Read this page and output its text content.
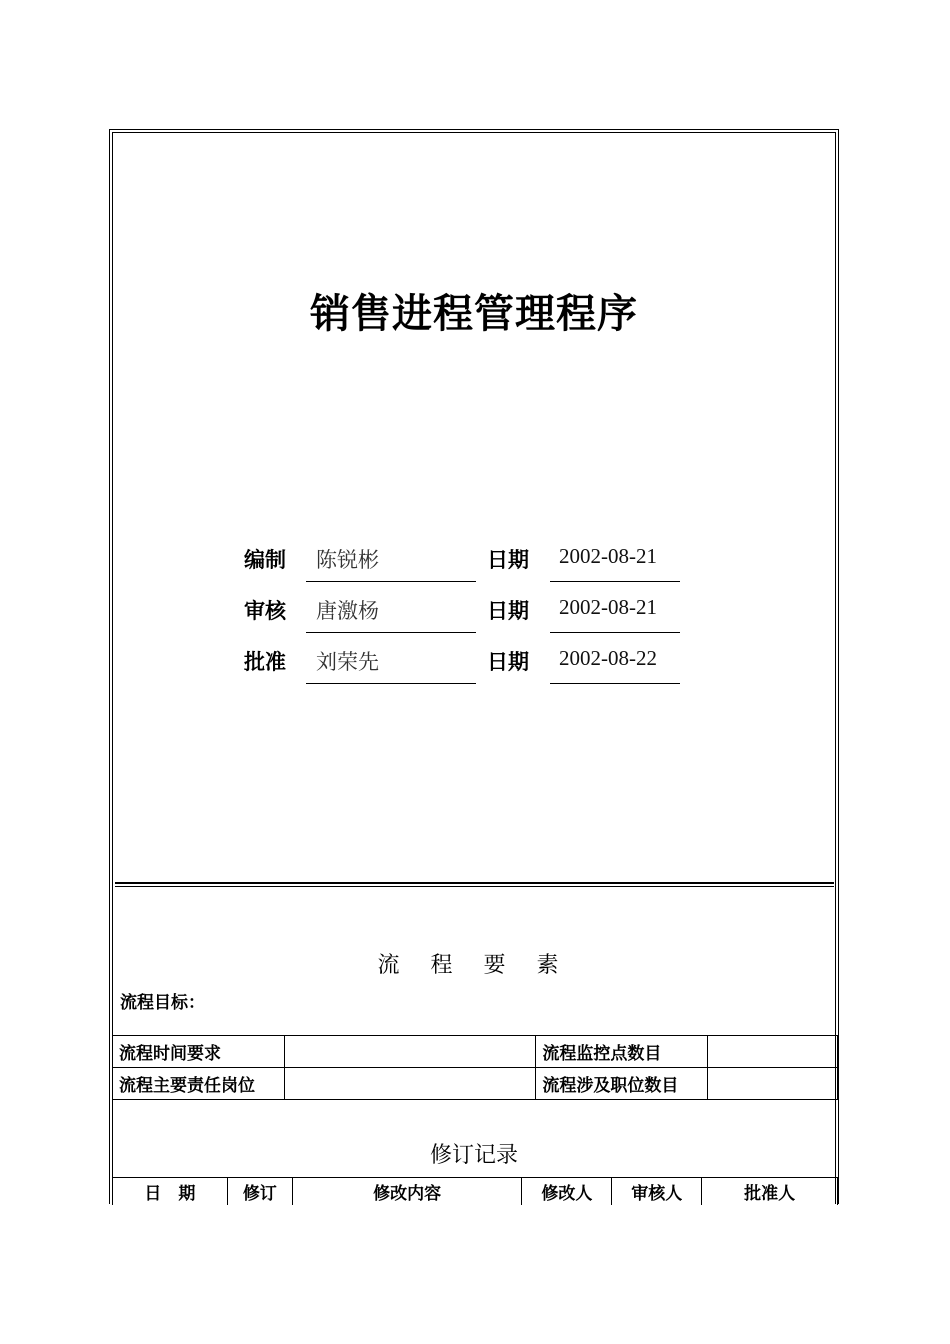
销售进程管理程序
编制 陈锐彬	日期 2002-08-21
审核 唐激杨	日期 2002-08-21
批准 刘荣先	日期 2002-08-22
流 程 要 素
流程目标：
流程时间要求		流程监控点数目	
流程主要责任岗位		流程涉及职位数目	
修订记录
日　期	修订	修改内容	修改人	审核人	批准人
